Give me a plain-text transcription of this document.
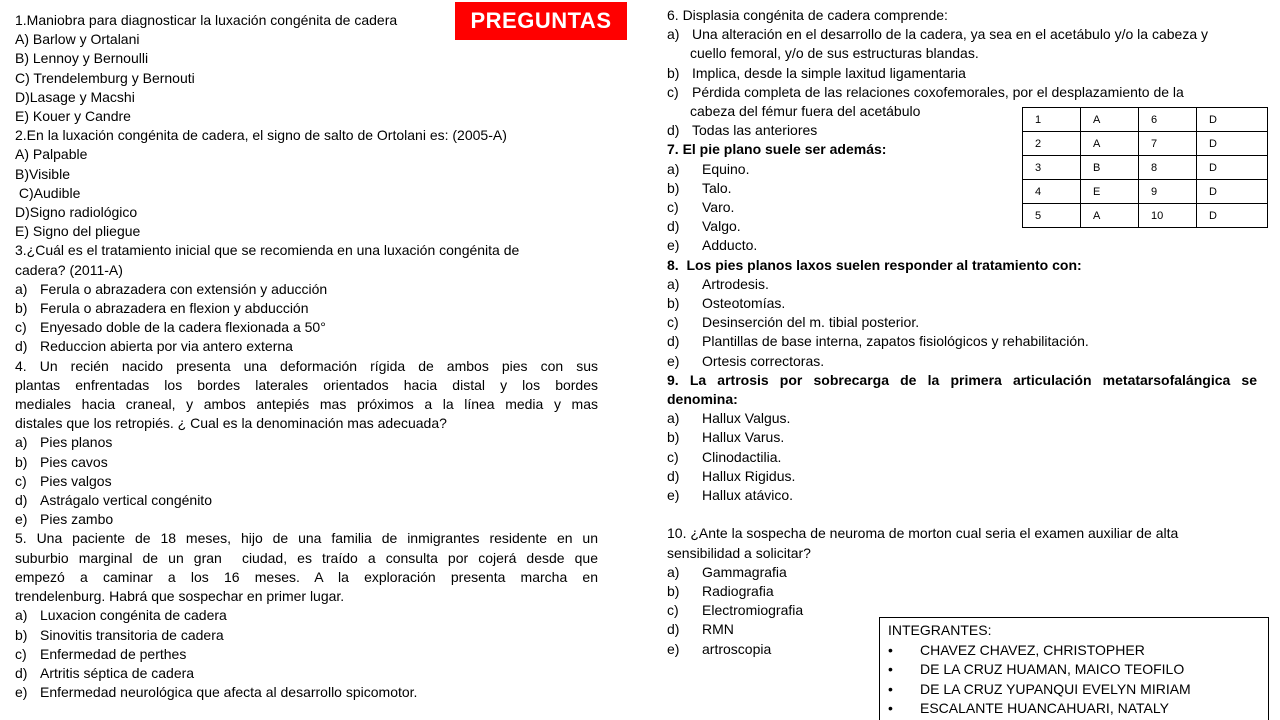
PREGUNTAS
1.Maniobra para diagnosticar la luxación congénita de cadera
A) Barlow y Ortalani
B) Lennoy y Bernoulli
C) Trendelemburg y Bernouti
D)Lasage y Macshi
E) Kouer y Candre
2.En la luxación congénita de cadera, el signo de salto de Ortolani es: (2005-A)
A) Palpable
B)Visible
C)Audible
D)Signo radiológico
E) Signo del pliegue
3.¿Cuál es el tratamiento inicial que se recomienda en una luxación congénita de
cadera? (2011-A)
a) Ferula o abrazadera con extensión y aducción
b) Ferula o abrazadera en flexion y abducción
c) Enyesado doble de la cadera flexionada a 50°
d) Reduccion abierta por via antero externa
4. Un recién nacido presenta una deformación rígida de ambos pies con sus
plantas enfrentadas los bordes laterales orientados hacia distal y los bordes
mediales hacia craneal, y ambos antepiés mas próximos a la línea media y mas
distales que los retropiés. ¿ Cual es la denominación mas adecuada?
a) Pies planos
b) Pies cavos
c) Pies valgos
d) Astrágalo vertical congénito
e) Pies zambo
5. Una paciente de 18 meses, hijo de una familia de inmigrantes residente en un
suburbio marginal de un gran  ciudad, es traído a consulta por cojerá desde que
empezó a caminar a los 16 meses. A la exploración presenta marcha en
trendelenburg. Habrá que sospechar en primer lugar.
a) Luxacion congénita de cadera
b) Sinovitis transitoria de cadera
c) Enfermedad de perthes
d) Artritis séptica de cadera
e) Enfermedad neurológica que afecta al desarrollo spicomotor.
6. Displasia congénita de cadera comprende:
a) Una alteración en el desarrollo de la cadera, ya sea en el acetábulo y/o la cabeza y
cuello femoral, y/o de sus estructuras blandas.
b) Implica, desde la simple laxitud ligamentaria
c) Pérdida completa de las relaciones coxofemorales, por el desplazamiento de la
cabeza del fémur fuera del acetábulo
d) Todas las anteriores
7. El pie plano suele ser además:
a)	Equino.
b)	Talo.
c)	Varo.
d)	Valgo.
e)	Adducto.
8.  Los pies planos laxos suelen responder al tratamiento con:
a)	Artrodesis.
b)	Osteotomías.
c)	Desinserción del m. tibial posterior.
d)	Plantillas de base interna, zapatos fisiológicos y rehabilitación.
e)	Ortesis correctoras.
9. La artrosis por sobrecarga de la primera articulación metatarsofalángica se
denomina:
a)	Hallux Valgus.
b)	Hallux Varus.
c)	Clinodactilia.
d)	Hallux Rigidus.
e)	Hallux atávico.
10. ¿Ante la sospecha de neuroma de morton cual seria el examen auxiliar de alta
sensibilidad a solicitar?
a)	Gammagrafia
b)	Radiografia
c)	Electromiografia
d)	RMN
e)	artroscopia
1	A	6	D
2	A	7	D
3	B	8	D
4	E	9	D
5	A	10	D
INTEGRANTES:
•	CHAVEZ CHAVEZ, CHRISTOPHER
•	DE LA CRUZ HUAMAN, MAICO TEOFILO
•	DE LA CRUZ YUPANQUI EVELYN MIRIAM
•	ESCALANTE HUANCAHUARI, NATALY
